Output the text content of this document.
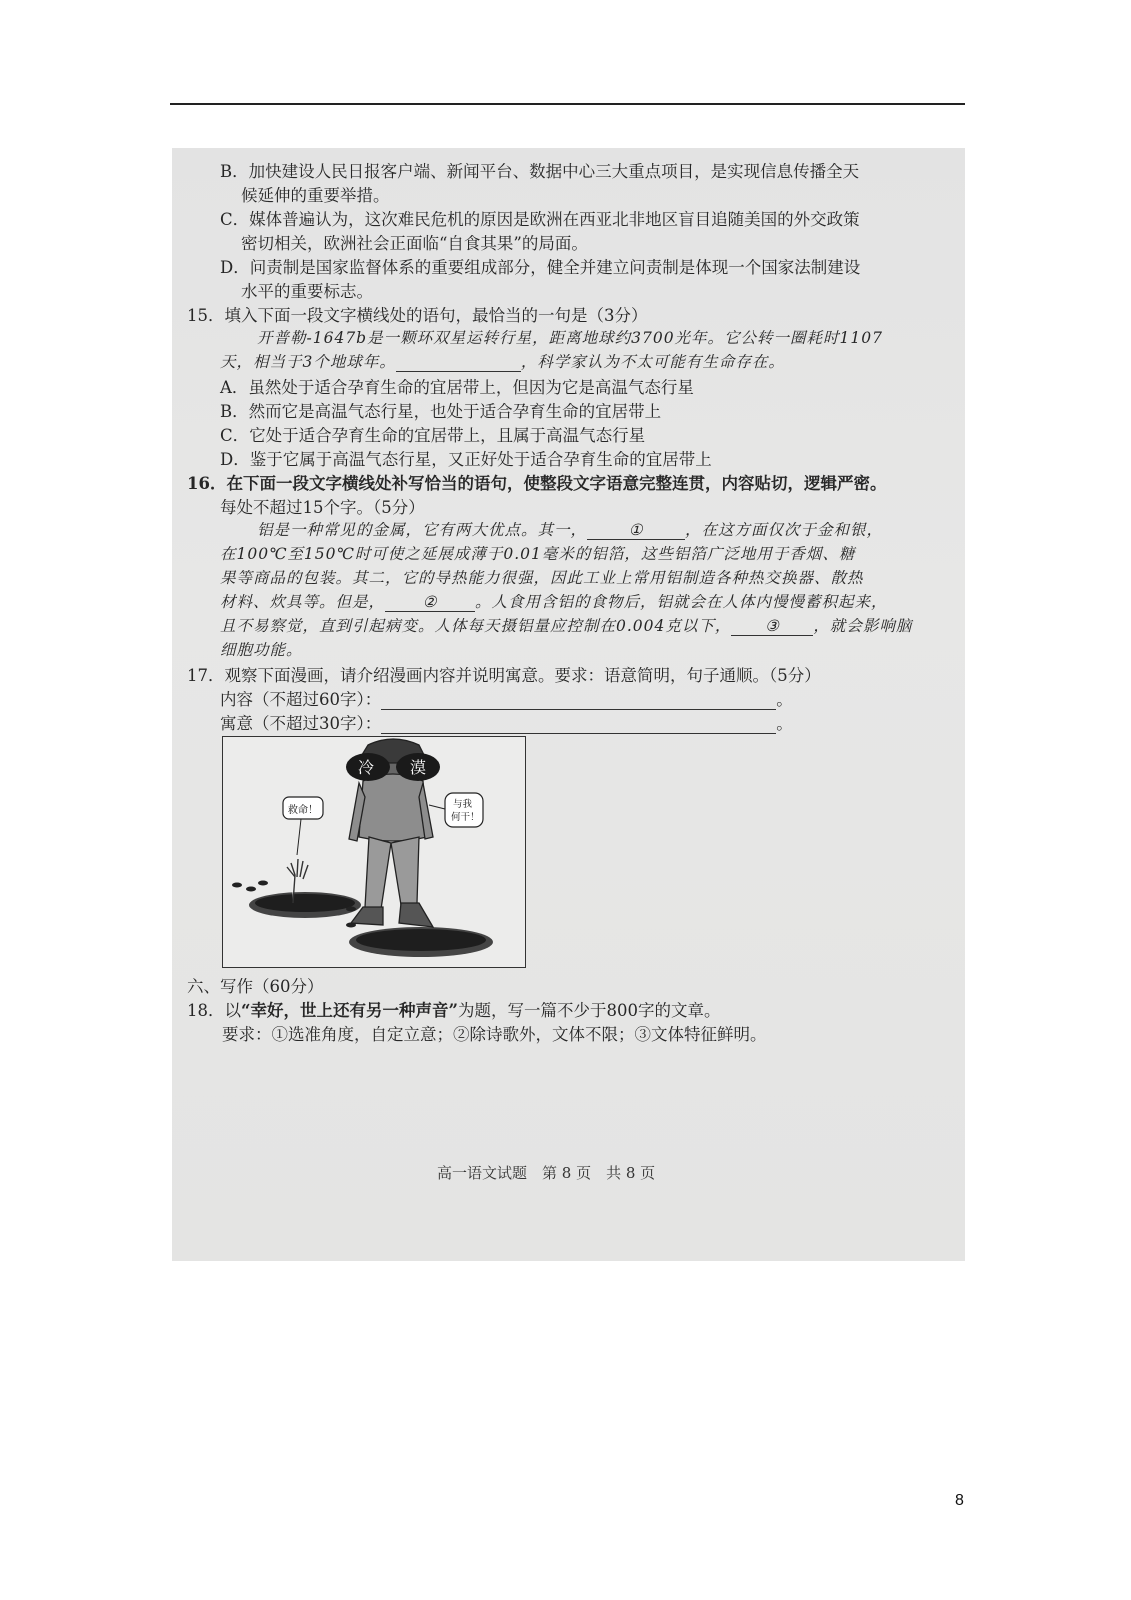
B．加快建设人民日报客户端、新闻平台、数据中心三大重点项目，是实现信息传播全天
候延伸的重要举措。
C．媒体普遍认为，这次难民危机的原因是欧洲在西亚北非地区盲目追随美国的外交政策
密切相关，欧洲社会正面临“自食其果”的局面。
D．问责制是国家监督体系的重要组成部分，健全并建立问责制是体现一个国家法制建设
水平的重要标志。
15．填入下面一段文字横线处的语句，最恰当的一句是（3分）
开普勒-1647b是一颗环双星运转行星，距离地球约3700光年。它公转一圈耗时1107
天，相当于3个地球年。	，科学家认为不太可能有生命存在。
A．虽然处于适合孕育生命的宜居带上，但因为它是高温气态行星
B．然而它是高温气态行星，也处于适合孕育生命的宜居带上
C．它处于适合孕育生命的宜居带上，且属于高温气态行星
D．鉴于它属于高温气态行星，又正好处于适合孕育生命的宜居带上
16．在下面一段文字横线处补写恰当的语句，使整段文字语意完整连贯，内容贴切，逻辑严密。
每处不超过15个字。（5分）
铝是一种常见的金属，它有两大优点。其一，	①	，在这方面仅次于金和银，
在100℃至150℃时可使之延展成薄于0.01毫米的铝箔，这些铝箔广泛地用于香烟、糖
果等商品的包装。其二，它的导热能力很强，因此工业上常用铝制造各种热交换器、散热
材料、炊具等。但是， ② 。人食用含铝的食物后，铝就会在人体内慢慢蓄积起来，
且不易察觉，直到引起病变。人体每天摄铝量应控制在0.004克以下， ③ ，就会影响脑
细胞功能。
17．观察下面漫画，请介绍漫画内容并说明寓意。要求：语意简明，句子通顺。（5分）
内容（不超过60字）：	。
寓意（不超过30字）：	。
冷 漠
救命！
与我
何干！
六、写作（60分）
18．以“幸好，世上还有另一种声音”为题，写一篇不少于800字的文章。
要求：①选准角度，自定立意；②除诗歌外，文体不限；③文体特征鲜明。
高一语文试题　第 8 页　共 8 页
8
